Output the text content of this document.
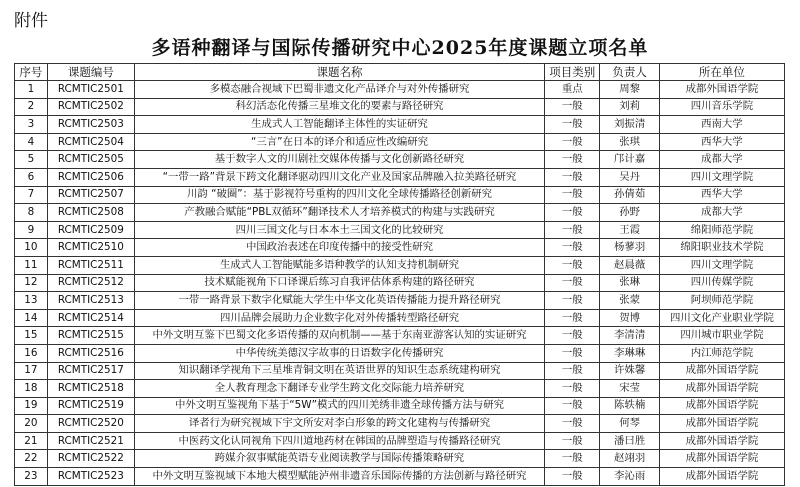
附件
多语种翻译与国际传播研究中心2025年度课题立项名单
序号	课题编号	课题名称	项目类别	负责人	所在单位
1	RCMTIC2501	多模态融合视域下巴蜀非遗文化产品译介与对外传播研究	重点	周黎	成都外国语学院
2	RCMTIC2502	科幻活态化传播三星堆文化的要素与路径研究	一般	刘莉	四川音乐学院
3	RCMTIC2503	生成式人工智能翻译主体性的实证研究	一般	刘振清	西南大学
4	RCMTIC2504	“三言”在日本的译介和适应性改编研究	一般	张琪	西华大学
5	RCMTIC2505	基于数字人文的川剧社交媒体传播与文化创新路径研究	一般	邝计嘉	成都大学
6	RCMTIC2506	“一带一路”背景下跨文化翻译驱动四川文化产业及国家品牌融入拉美路径研究	一般	吴丹	四川文理学院
7	RCMTIC2507	川韵 “破圈”：基于影视符号重构的四川文化全球传播路径创新研究	一般	孙倩茹	西华大学
8	RCMTIC2508	产教融合赋能“PBL双循环”翻译技术人才培养模式的构建与实践研究	一般	孙野	成都大学
9	RCMTIC2509	四川三国文化与日本本土三国文化的比较研究	一般	王霞	绵阳师范学院
10	RCMTIC2510	中国政治表述在印度传播中的接受性研究	一般	杨蓼羽	绵阳职业技术学院
11	RCMTIC2511	生成式人工智能赋能多语种教学的认知支持机制研究	一般	赵晨薇	四川文理学院
12	RCMTIC2512	技术赋能视角下口译课后练习自我评估体系构建的路径研究	一般	张琳	四川传媒学院
13	RCMTIC2513	一带一路背景下数字化赋能大学生中华文化英语传播能力提升路径研究	一般	张蒙	阿坝师范学院
14	RCMTIC2514	四川品牌会展助力企业数字化对外传播转型路径研究	一般	贺博	四川文化产业职业学院
15	RCMTIC2515	中外文明互鉴下巴蜀文化多语传播的双向机制——基于东南亚游客认知的实证研究	一般	李清清	四川城市职业学院
16	RCMTIC2516	中华传统美德汉字故事的日语数字化传播研究	一般	李琳琳	内江师范学院
17	RCMTIC2517	知识翻译学视角下三星堆青铜文明在英语世界的知识生态系统建构研究	一般	许姝馨	成都外国语学院
18	RCMTIC2518	全人教育理念下翻译专业学生跨文化交际能力培养研究	一般	宋莹	成都外国语学院
19	RCMTIC2519	中外文明互鉴视角下基于“5W”模式的四川羌绣非遗全球传播方法与研究	一般	陈轶楠	成都外国语学院
20	RCMTIC2520	译者行为研究视域下宇文所安对李白形象的跨文化建构与传播研究	一般	何琴	成都外国语学院
21	RCMTIC2521	中医药文化认同视角下四川道地药材在韩国的品牌塑造与传播路径研究	一般	潘曰胜	成都外国语学院
22	RCMTIC2522	跨媒介叙事赋能英语专业阅读教学与国际传播策略研究	一般	赵翊羽	成都外国语学院
23	RCMTIC2523	中外文明互鉴视域下本地大模型赋能泸州非遗音乐国际传播的方法创新与路径研究	一般	李沁雨	成都外国语学院
